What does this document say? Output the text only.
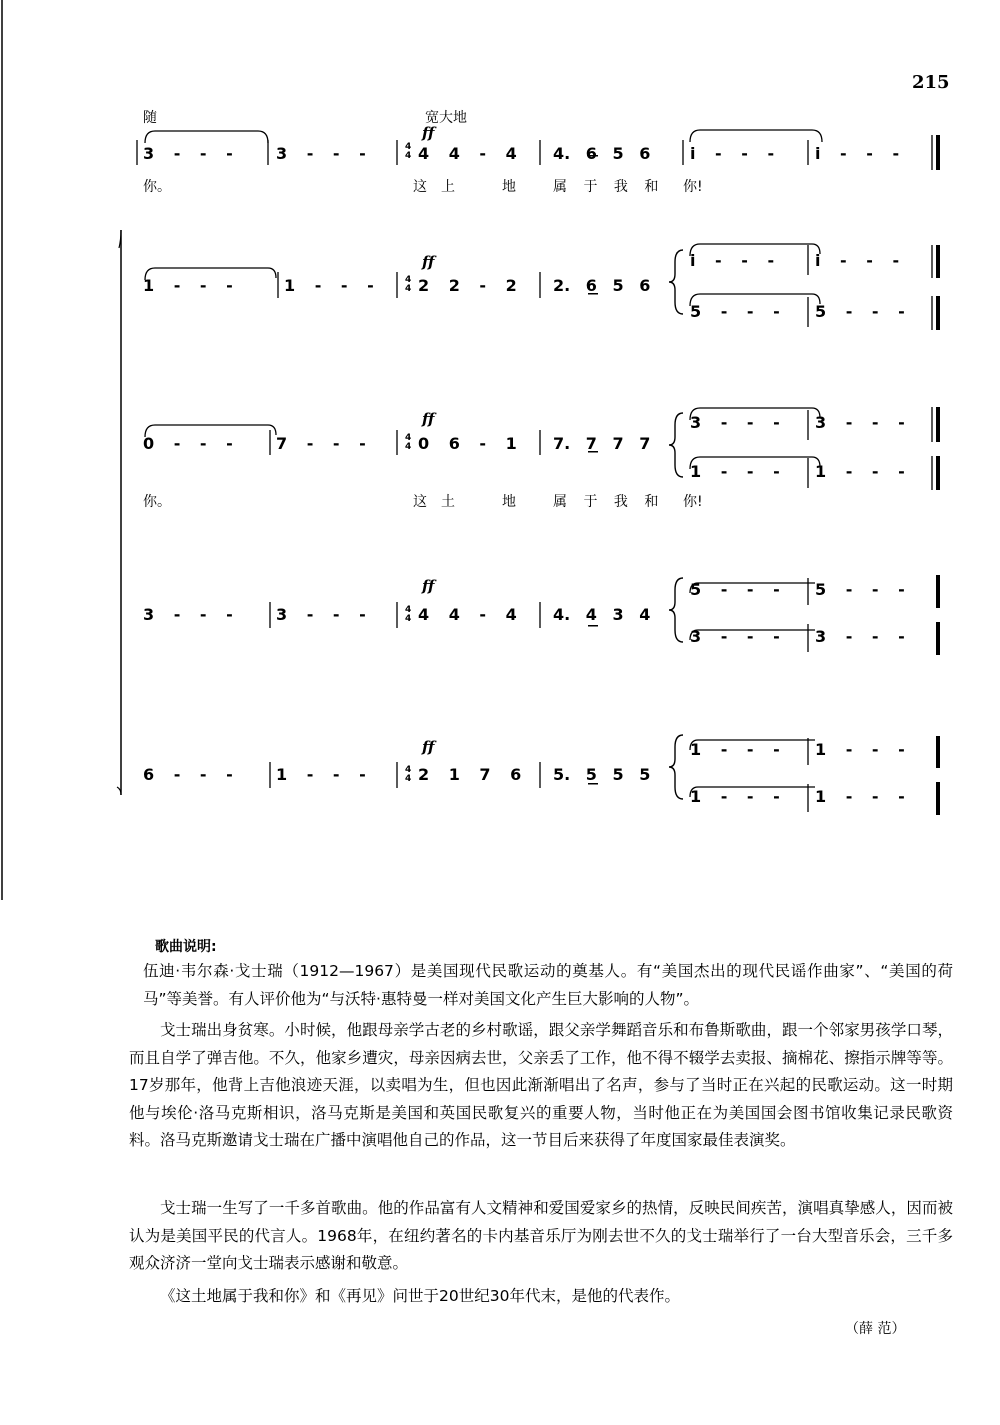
215
随	宽大地
ff
ff
ff
ff
ff
4
4
4
4
4
4
4
4
4
4
3 - - -	3 - - -	4 4 - 4 4. 6 5 6 i - - -	i - - -
你。	这上 地	属 于 我 和 你!
1 - - -	1 - - -	2 2 - 2 2. 6 5 6
i - - -	i - - -
5 - - - 5 - - -
0 - - -	7 - - -	0 6 - 1 7. 7 7 7
3 - - - 3 - - -
1 - - - 1 - - -
你。	这土 地	属 于 我 和 你!
3 - - -	3 - - -	4 4 - 4 4. 4 3 4
5 - - - 5 - - -
3 - - - 3 - - -
6 - - -	1 - - -	2 1 7 6 5. 5 5 5
1 - - - 1 - - -
1 - - - 1 - - -
歌曲说明:
伍迪·韦尔森·戈士瑞（1912—1967）是美国现代民歌运动的奠基人。有“美国杰出的现代民谣作曲家”、“美国的荷马”等美誉。有人评价他为“与沃特·惠特曼一样对美国文化产生巨大影响的人物”。
戈士瑞出身贫寒。小时候，他跟母亲学古老的乡村歌谣，跟父亲学舞蹈音乐和布鲁斯歌曲，跟一个邻家男孩学口琴，而且自学了弹吉他。不久，他家乡遭灾，母亲因病去世，父亲丢了工作，他不得不辍学去卖报、摘棉花、擦指示牌等等。17岁那年，他背上吉他浪迹天涯，以卖唱为生，但也因此渐渐唱出了名声，参与了当时正在兴起的民歌运动。这一时期他与埃伦·洛马克斯相识，洛马克斯是美国和英国民歌复兴的重要人物，当时他正在为美国国会图书馆收集记录民歌资料。洛马克斯邀请戈士瑞在广播中演唱他自己的作品，这一节目后来获得了年度国家最佳表演奖。
戈士瑞一生写了一千多首歌曲。他的作品富有人文精神和爱国爱家乡的热情，反映民间疾苦，演唱真挚感人，因而被认为是美国平民的代言人。1968年，在纽约著名的卡内基音乐厅为刚去世不久的戈士瑞举行了一台大型音乐会，三千多观众济济一堂向戈士瑞表示感谢和敬意。
《这土地属于我和你》和《再见》问世于20世纪30年代末，是他的代表作。
（薛 范）
